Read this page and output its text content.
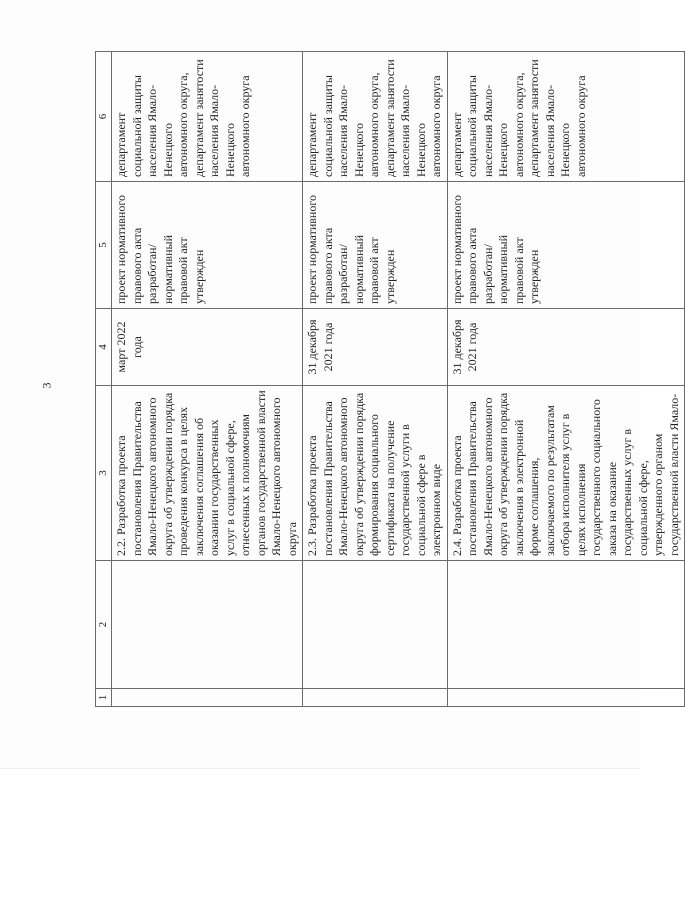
3
1	2	3	4	5	6
		2.2. Разработка проекта постановления Правительства Ямало-Ненецкого автономного округа об утверждении порядка проведения конкурса в целях заключения соглашения об оказании государственных услуг в социальной сфере, отнесенных к полномочиям органов государственной власти Ямало-Ненецкого автономного округа	март 2022 года	проект нормативного правового акта разработан/ нормативный правовой акт утвержден	департамент социальной защиты населения Ямало-Ненецкого автономного округа, департамент занятости населения Ямало-Ненецкого автономного округа
		2.3. Разработка проекта постановления Правительства Ямало-Ненецкого автономного округа об утверждении порядка формирования социального сертификата на получение государственной услуги в социальной сфере в электронном виде	31 декабря 2021 года	проект нормативного правового акта разработан/ нормативный правовой акт утвержден	департамент социальной защиты населения Ямало-Ненецкого автономного округа, департамент занятости населения Ямало-Ненецкого автономного округа
		2.4. Разработка проекта постановления Правительства Ямало-Ненецкого автономного округа об утверждении порядка заключения в электронной форме соглашения, заключаемого по результатам отбора исполнителя услуг в целях исполнения государственного социального заказа на оказание государственных услуг в социальной сфере, утвержденного органом государственной власти Ямало-	31 декабря 2021 года	проект нормативного правового акта разработан/ нормативный правовой акт утвержден	департамент социальной защиты населения Ямало-Ненецкого автономного округа, департамент занятости населения Ямало-Ненецкого автономного округа
